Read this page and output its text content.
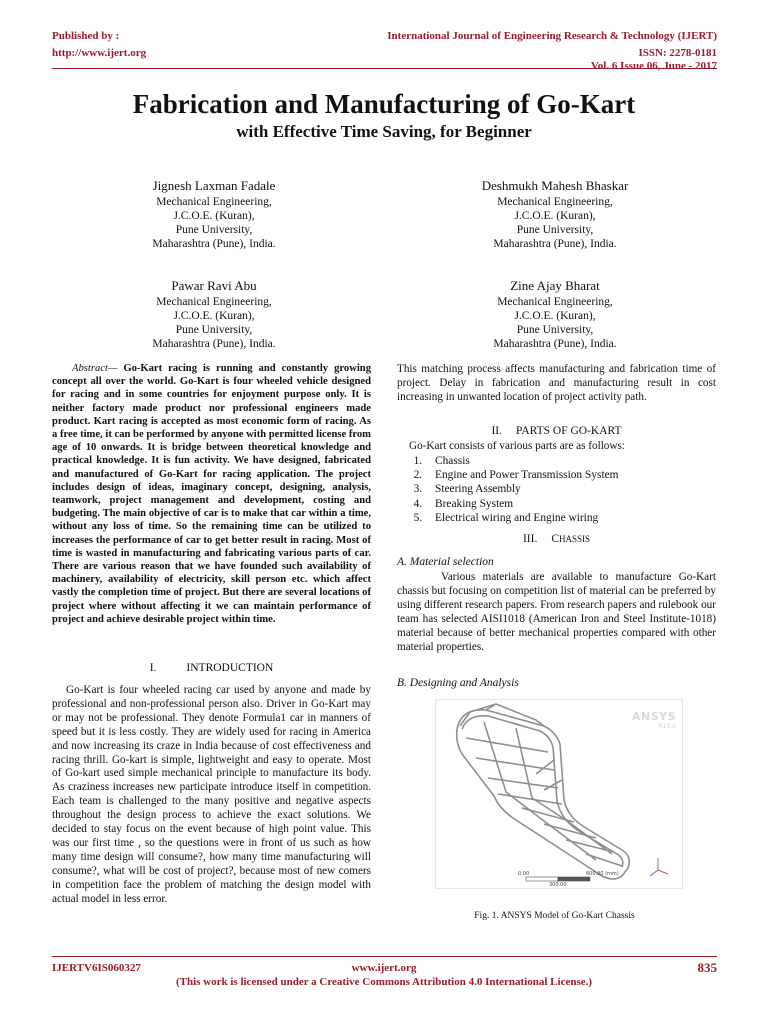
Published by :
http://www.ijert.org
International Journal of Engineering Research & Technology (IJERT)
ISSN: 2278-0181
Vol. 6 Issue 06, June - 2017
Fabrication and Manufacturing of Go-Kart
with Effective Time Saving, for Beginner
Jignesh Laxman Fadale
Mechanical Engineering,
J.C.O.E. (Kuran),
Pune University,
Maharashtra (Pune), India.
Deshmukh Mahesh Bhaskar
Mechanical Engineering,
J.C.O.E. (Kuran),
Pune University,
Maharashtra (Pune), India.
Pawar Ravi Abu
Mechanical Engineering,
J.C.O.E. (Kuran),
Pune University,
Maharashtra (Pune), India.
Zine Ajay Bharat
Mechanical Engineering,
J.C.O.E. (Kuran),
Pune University,
Maharashtra (Pune), India.

Abstract— Go-Kart racing is running and constantly growing concept all over the world. Go-Kart is four wheeled vehicle designed for racing and in some countries for enjoyment purpose only. It is neither factory made product nor professional engineers made product. Kart racing is accepted as most economic form of racing. As a free time, it can be performed by anyone with permitted license from age of 10 onwards. It is bridge between theoretical knowledge and practical knowledge. It is fun activity. We have designed, fabricated and manufactured of Go-Kart for racing application. The project includes design of ideas, imaginary concept, designing, analysis, teamwork, project management and development, costing and budgeting. The main objective of car is to make that car within a time, without any loss of time. So the remaining time can be utilized to increases the performance of car to get better result in racing. Most of time is wasted in manufacturing and fabricating various parts of car. There are various reason that we have founded such availability of machinery, availability of electricity, skill person etc. which affect vastly the completion time of project. But there are several locations of project where without affecting it we can maintain performance of project and achieve desirable project within time.

I.	INTRODUCTION

Go-Kart is four wheeled racing car used by anyone and made by professional and non-professional person also. Driver in Go-Kart may or may not be professional. They denote Formula1 car in manners of speed but it is less costly. They are widely used for racing in America and now increasing its craze in India because of cost effectiveness and racing thrill. Go-kart is simple, lightweight and easy to operate. Most of Go-kart used simple mechanical principle to manufacture its body. As craziness increases new participate introduce itself in competition. Each team is challenged to the many positive and negative aspects throughout the design process to achieve the exact solutions. We decided to stay focus on the event because of high point value. This was our first time , so the questions were in front of us such as how many time design will consume?, how many time manufacturing will consume?, what will be cost of project?, because most of new comers in competition face the problem of matching the design model with actual model in less error.

This matching process affects manufacturing and fabrication time of project. Delay in fabrication and manufacturing result in cost increasing in unwanted location of project activity path.

II. PARTS OF GO-KART
Go-Kart consists of various parts are as follows:
1. Chassis
2. Engine and Power Transmission System
3. Steering Assembly
4. Breaking System
5. Electrical wiring and Engine wiring
III. CHASSIS
A. Material selection

Various materials are available to manufacture Go-Kart chassis but focusing on competition list of material can be preferred by using different research papers. From research papers and rulebook our team has selected AISI1018 (American Iron and Steel Institute-1018) material because of better mechanical properties compared with other material properties.

B. Designing and Analysis
ANSYS
R15.0
0.00	600.00 (mm)
300.00
Fig. 1. ANSYS Model of Go-Kart Chassis
IJERTV6IS060327	www.ijert.org	835
(This work is licensed under a Creative Commons Attribution 4.0 International License.)
